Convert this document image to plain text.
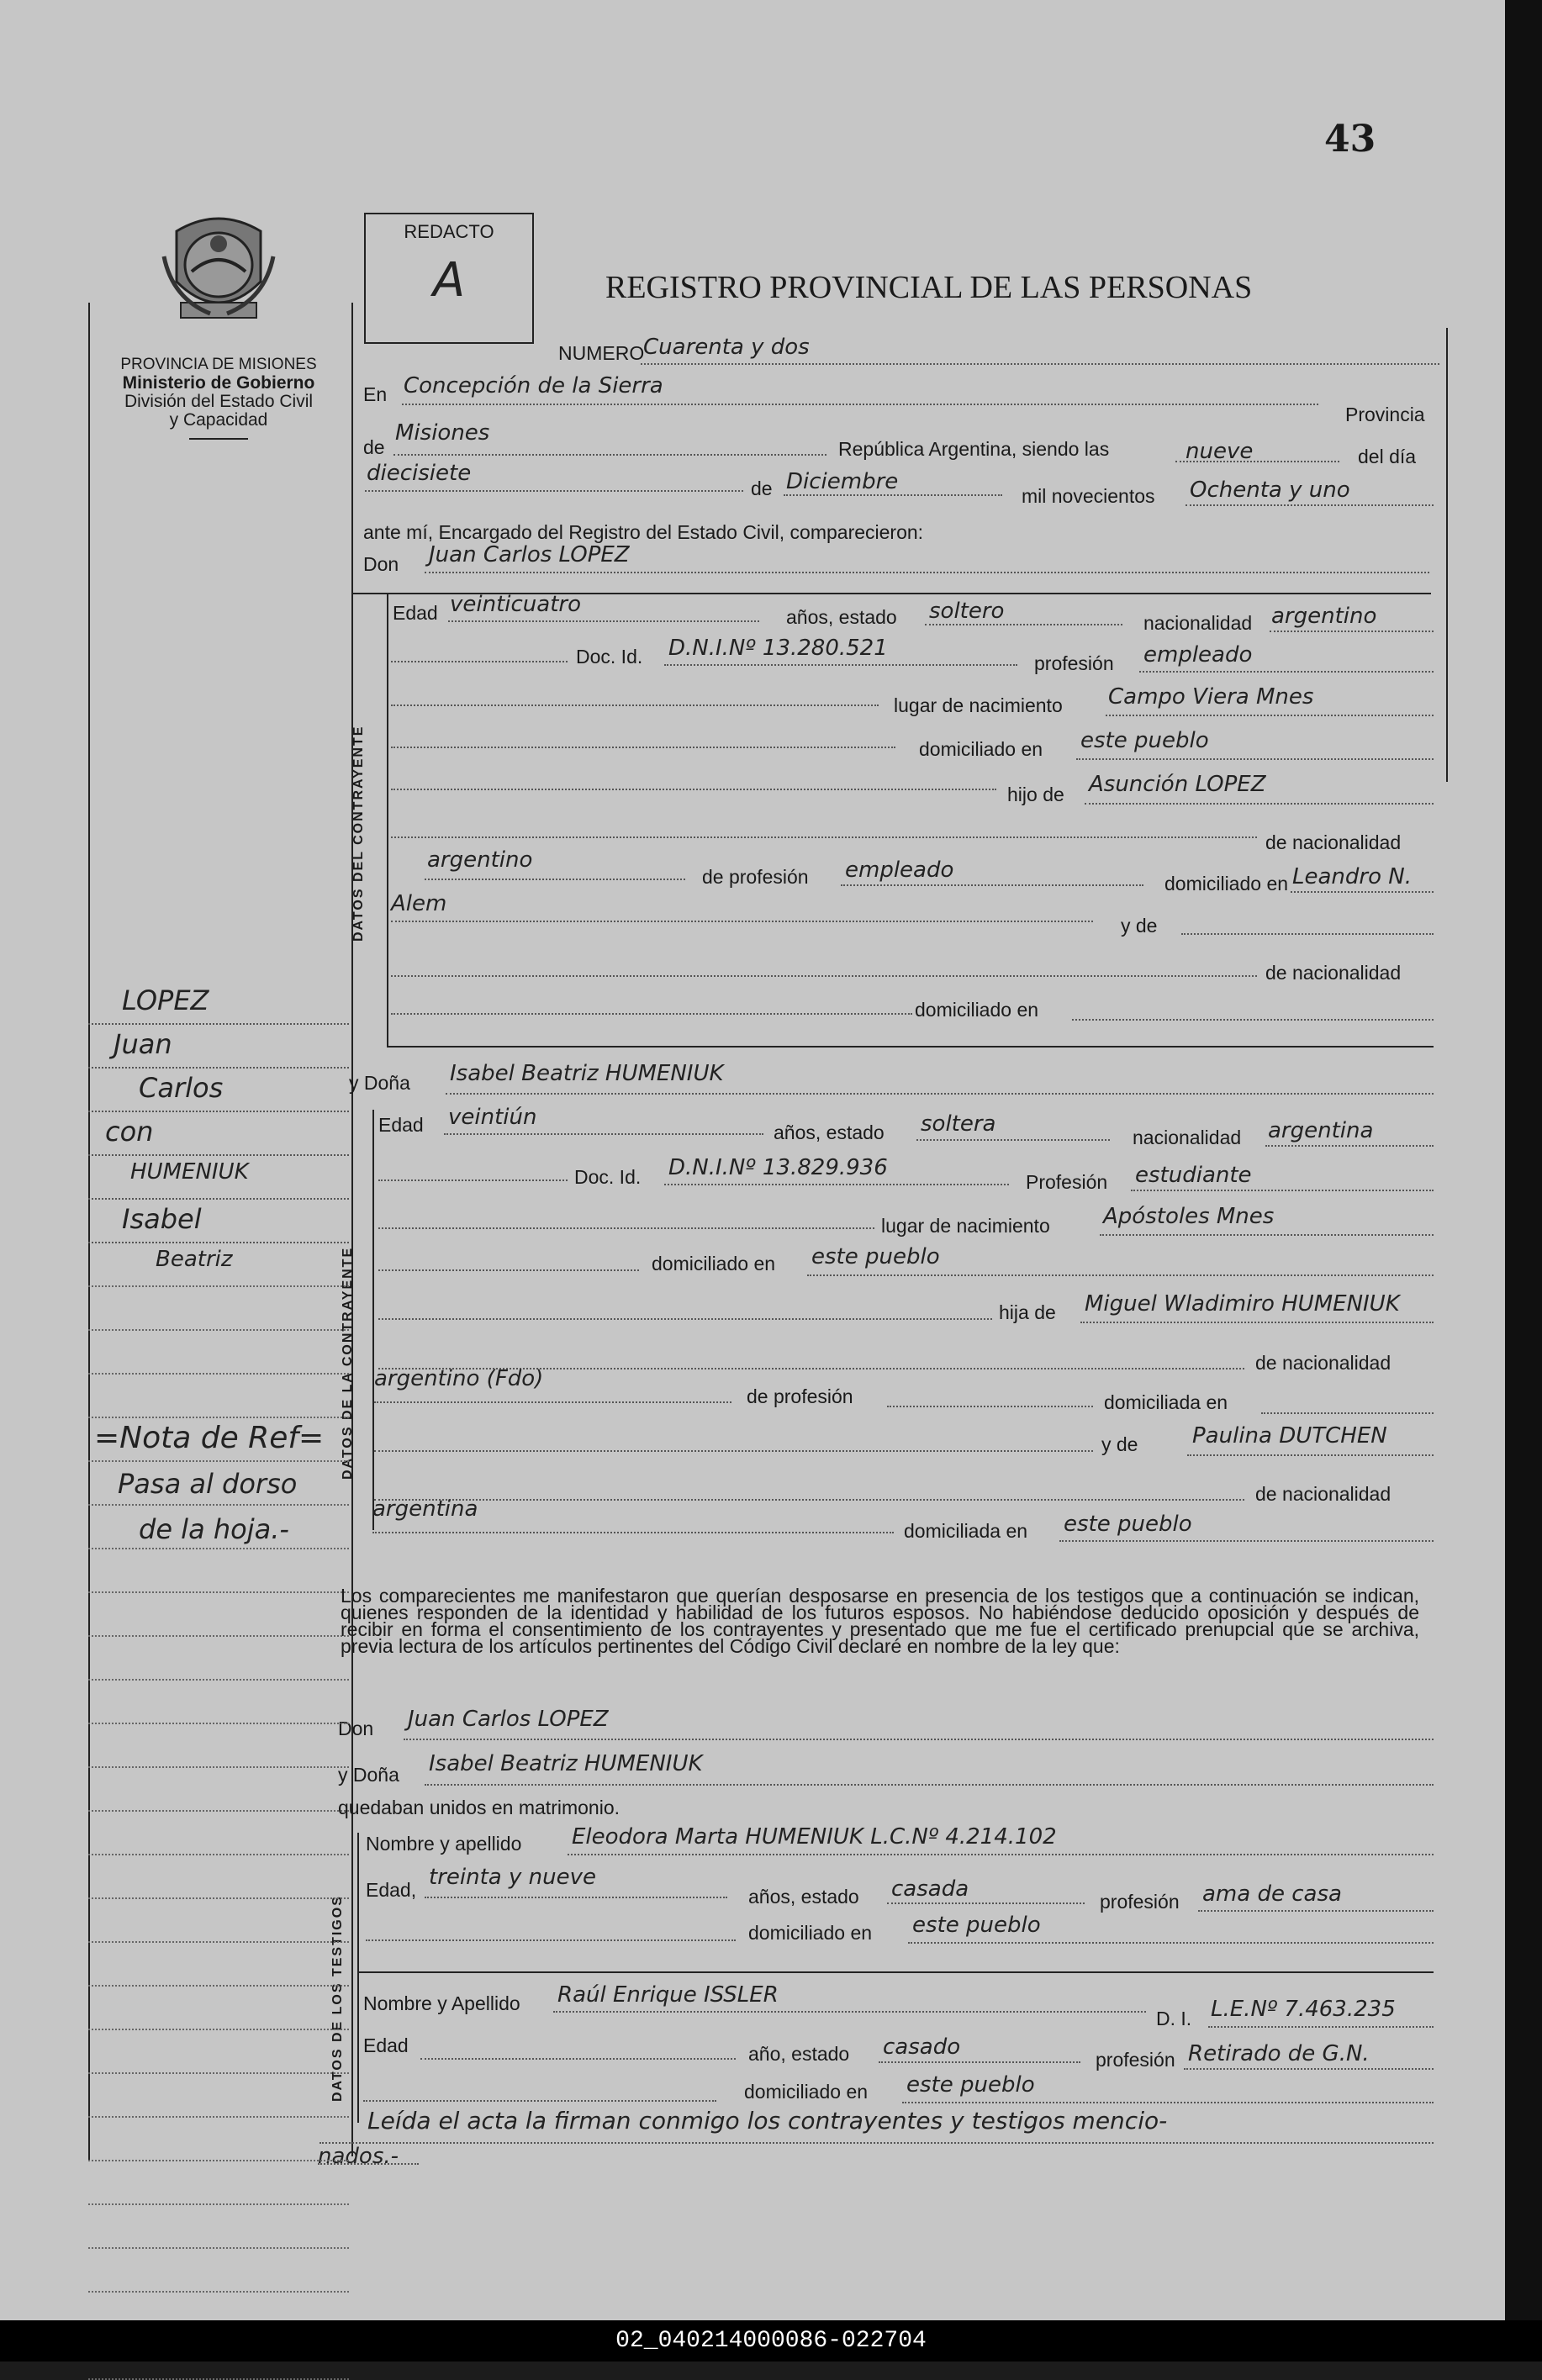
43
PROVINCIA DE MISIONES
Ministerio de Gobierno
División del Estado Civil
y Capacidad
REDACTO
A	REGISTRO PROVINCIAL DE LAS PERSONAS
DATOS DEL CONTRAYENTE
DATOS DE LA CONTRAYENTE
DATOS DE LOS TESTIGOS
NUMERO
Cuarenta y dos
En Concepción de la Sierra
Provincia
de
Misiones
República Argentina, siendo las	nueve	del día
diecisiete
de Diciembre
mil novecientos Ochenta y uno
ante mí, Encargado del Registro del Estado Civil, comparecieron:
Don Juan Carlos LOPEZ
Edad veinticuatro	años, estado soltero	nacionalidad argentino
Doc. Id. D.N.I.Nº 13.280.521
profesión empleado
lugar de nacimiento Campo Viera Mnes
domiciliado en este pueblo
hijo de Asunción LOPEZ
de nacionalidad
argentino
de profesión empleado
domiciliado en Leandro N.
Alem
y de
de nacionalidad
domiciliado en
y Doña Isabel Beatriz HUMENIUK
Edad veintiún
años, estado soltera
nacionalidad argentina
Doc. Id. D.N.I.Nº 13.829.936
Profesión estudiante
lugar de nacimiento Apóstoles Mnes
domiciliado en este pueblo
hija de Miguel Wladimiro HUMENIUK
de nacionalidad
argentino (Fdo)
de profesión	domiciliada en
y de Paulina DUTCHEN
de nacionalidad
argentina
domiciliada en este pueblo
Los comparecientes me manifestaron que querían desposarse en presencia de los testigos que a continuación se indican, quienes responden de la identidad y habilidad de los futuros esposos. No habiéndose deducido oposición y después de recibir en forma el consentimiento de los contrayentes y presentado que me fue el certificado prenupcial que se archiva, previa lectura de los artículos pertinentes del Código Civil declaré en nombre de la ley que:
Don Juan Carlos LOPEZ
y Doña Isabel Beatriz HUMENIUK
quedaban unidos en matrimonio.
Nombre y apellido Eleodora Marta HUMENIUK L.C.Nº 4.214.102
Edad, treinta y nueve
años, estado casada	profesión ama de casa
domiciliado en este pueblo
Nombre y Apellido Raúl Enrique ISSLER
D. I. L.E.Nº 7.463.235
Edad	año, estado casado	profesión Retirado de G.N.
domiciliado en este pueblo
Leída el acta la firman conmigo los contrayentes y testigos mencio-
nados.-
LOPEZ
Juan
Carlos
con
HUMENIUK
Isabel
Beatriz
=Nota de Ref=
Pasa al dorso
de la hoja.-
02_040214000086-022704
